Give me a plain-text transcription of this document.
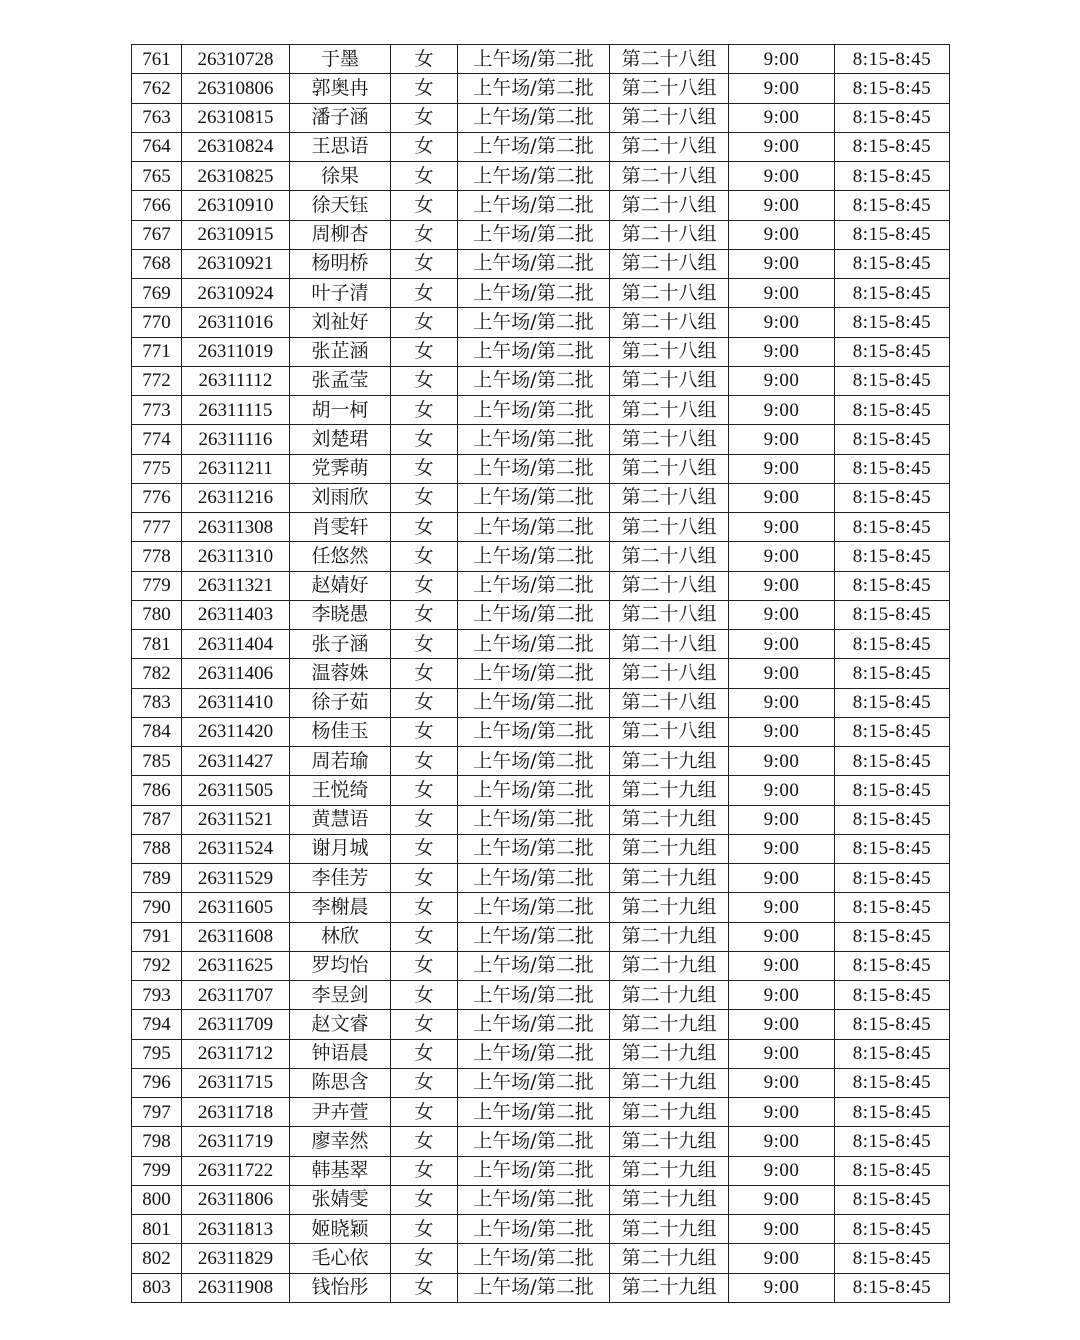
761	26310728	于墨	女	上午场/第二批	第二十八组	9:00	8:15-8:45
762	26310806	郭奥冉	女	上午场/第二批	第二十八组	9:00	8:15-8:45
763	26310815	潘子涵	女	上午场/第二批	第二十八组	9:00	8:15-8:45
764	26310824	王思语	女	上午场/第二批	第二十八组	9:00	8:15-8:45
765	26310825	徐果	女	上午场/第二批	第二十八组	9:00	8:15-8:45
766	26310910	徐天钰	女	上午场/第二批	第二十八组	9:00	8:15-8:45
767	26310915	周柳杏	女	上午场/第二批	第二十八组	9:00	8:15-8:45
768	26310921	杨明桥	女	上午场/第二批	第二十八组	9:00	8:15-8:45
769	26310924	叶子清	女	上午场/第二批	第二十八组	9:00	8:15-8:45
770	26311016	刘祉好	女	上午场/第二批	第二十八组	9:00	8:15-8:45
771	26311019	张芷涵	女	上午场/第二批	第二十八组	9:00	8:15-8:45
772	26311112	张孟莹	女	上午场/第二批	第二十八组	9:00	8:15-8:45
773	26311115	胡一柯	女	上午场/第二批	第二十八组	9:00	8:15-8:45
774	26311116	刘楚珺	女	上午场/第二批	第二十八组	9:00	8:15-8:45
775	26311211	党霁萌	女	上午场/第二批	第二十八组	9:00	8:15-8:45
776	26311216	刘雨欣	女	上午场/第二批	第二十八组	9:00	8:15-8:45
777	26311308	肖雯轩	女	上午场/第二批	第二十八组	9:00	8:15-8:45
778	26311310	任悠然	女	上午场/第二批	第二十八组	9:00	8:15-8:45
779	26311321	赵婧好	女	上午场/第二批	第二十八组	9:00	8:15-8:45
780	26311403	李晓愚	女	上午场/第二批	第二十八组	9:00	8:15-8:45
781	26311404	张子涵	女	上午场/第二批	第二十八组	9:00	8:15-8:45
782	26311406	温蓉姝	女	上午场/第二批	第二十八组	9:00	8:15-8:45
783	26311410	徐子茹	女	上午场/第二批	第二十八组	9:00	8:15-8:45
784	26311420	杨佳玉	女	上午场/第二批	第二十八组	9:00	8:15-8:45
785	26311427	周若瑜	女	上午场/第二批	第二十九组	9:00	8:15-8:45
786	26311505	王悦绮	女	上午场/第二批	第二十九组	9:00	8:15-8:45
787	26311521	黄慧语	女	上午场/第二批	第二十九组	9:00	8:15-8:45
788	26311524	谢月城	女	上午场/第二批	第二十九组	9:00	8:15-8:45
789	26311529	李佳芳	女	上午场/第二批	第二十九组	9:00	8:15-8:45
790	26311605	李榭晨	女	上午场/第二批	第二十九组	9:00	8:15-8:45
791	26311608	林欣	女	上午场/第二批	第二十九组	9:00	8:15-8:45
792	26311625	罗均怡	女	上午场/第二批	第二十九组	9:00	8:15-8:45
793	26311707	李昱剑	女	上午场/第二批	第二十九组	9:00	8:15-8:45
794	26311709	赵文睿	女	上午场/第二批	第二十九组	9:00	8:15-8:45
795	26311712	钟语晨	女	上午场/第二批	第二十九组	9:00	8:15-8:45
796	26311715	陈思含	女	上午场/第二批	第二十九组	9:00	8:15-8:45
797	26311718	尹卉萱	女	上午场/第二批	第二十九组	9:00	8:15-8:45
798	26311719	廖幸然	女	上午场/第二批	第二十九组	9:00	8:15-8:45
799	26311722	韩基翠	女	上午场/第二批	第二十九组	9:00	8:15-8:45
800	26311806	张婧雯	女	上午场/第二批	第二十九组	9:00	8:15-8:45
801	26311813	姬晓颖	女	上午场/第二批	第二十九组	9:00	8:15-8:45
802	26311829	毛心依	女	上午场/第二批	第二十九组	9:00	8:15-8:45
803	26311908	钱怡彤	女	上午场/第二批	第二十九组	9:00	8:15-8:45
